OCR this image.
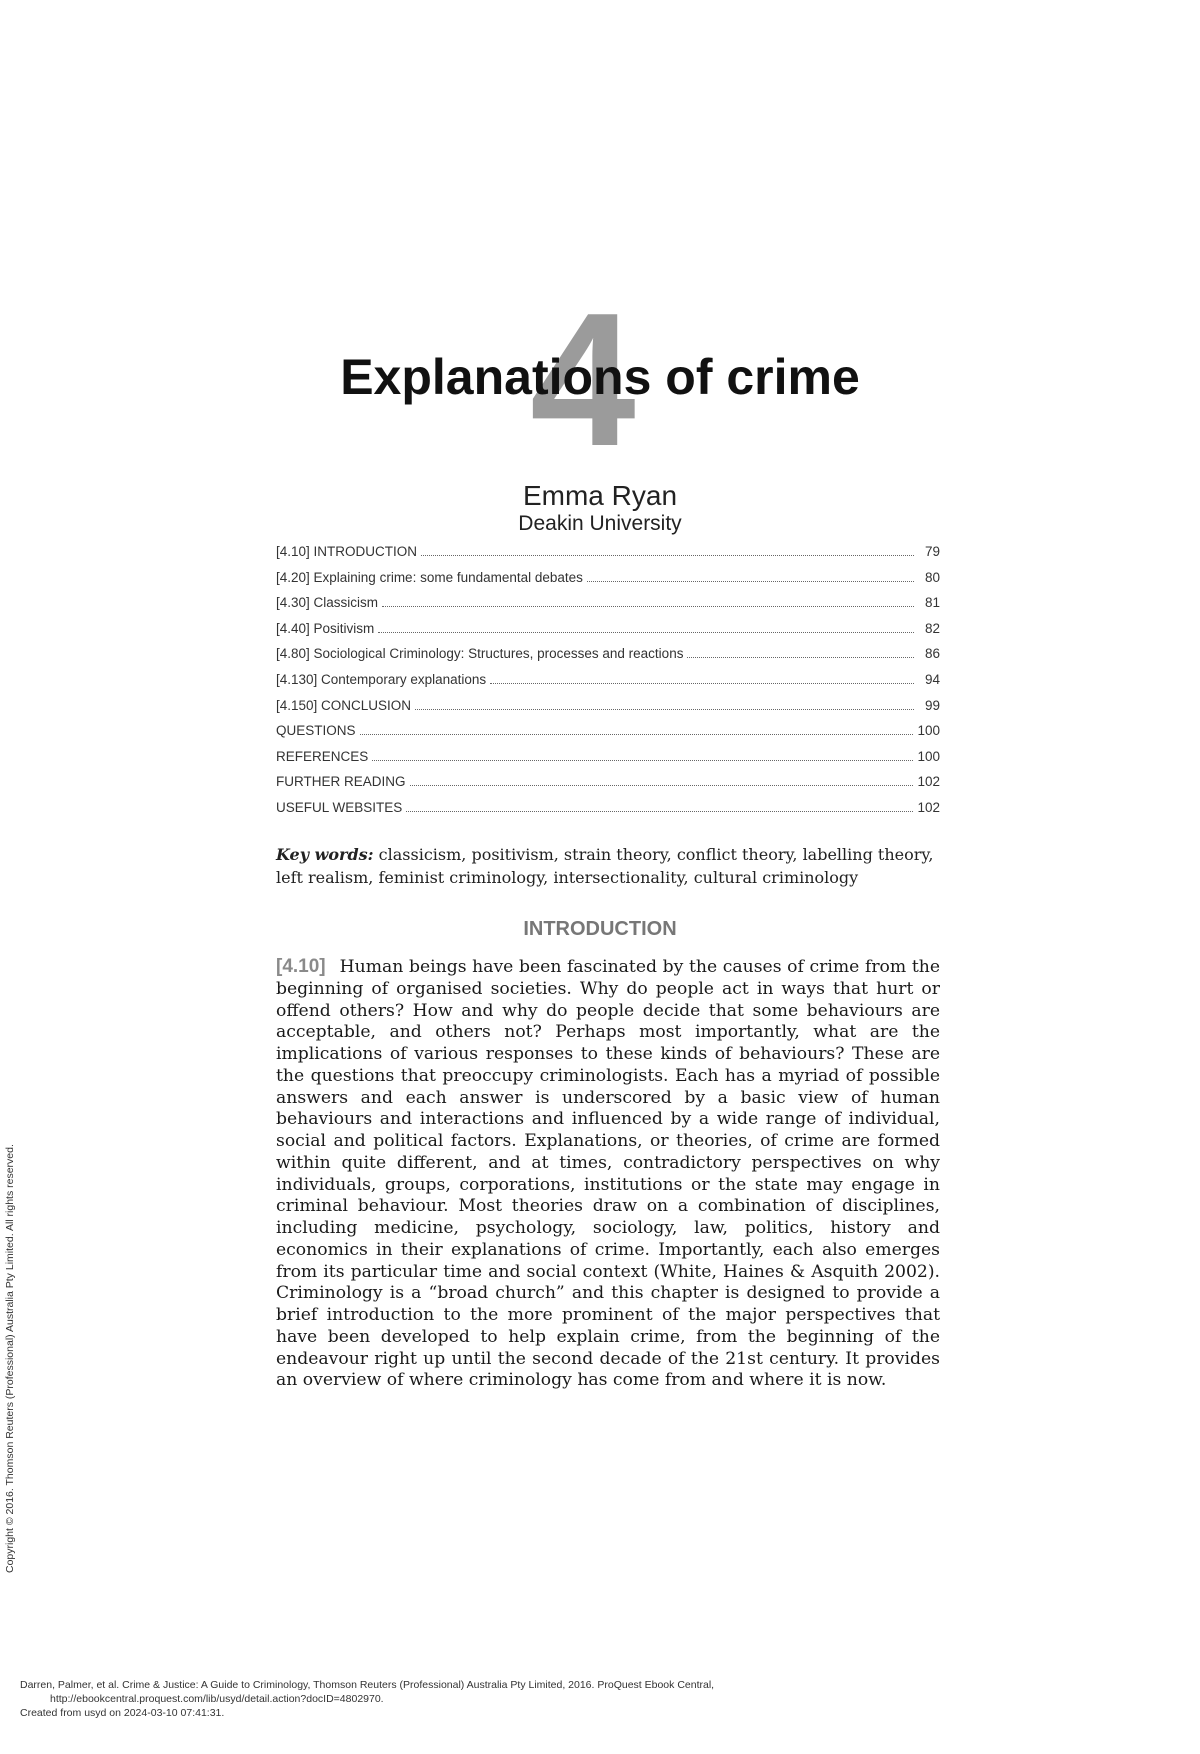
4
Explanations of crime
Emma Ryan
Deakin University
[4.10] INTRODUCTION	79
[4.20] Explaining crime: some fundamental debates	80
[4.30] Classicism	81
[4.40] Positivism	82
[4.80] Sociological Criminology: Structures, processes and reactions	86
[4.130] Contemporary explanations	94
[4.150] CONCLUSION	99
QUESTIONS	100
REFERENCES	100
FURTHER READING	102
USEFUL WEBSITES	102
Key words: classicism, positivism, strain theory, conflict theory, labelling theory, left realism, feminist criminology, intersectionality, cultural criminology
INTRODUCTION

[4.10] Human beings have been fascinated by the causes of crime from the beginning of organised societies. Why do people act in ways that hurt or offend others? How and why do people decide that some behaviours are acceptable, and others not? Perhaps most importantly, what are the implications of various responses to these kinds of behaviours? These are the questions that preoccupy criminologists. Each has a myriad of possible answers and each answer is underscored by a basic view of human behaviours and interactions and influenced by a wide range of individual, social and political factors. Explanations, or theories, of crime are formed within quite different, and at times, contradictory perspectives on why individuals, groups, corporations, institutions or the state may engage in criminal behaviour. Most theories draw on a combination of disciplines, including medicine, psychology, sociology, law, politics, history and economics in their explanations of crime. Importantly, each also emerges from its particular time and social context (White, Haines & Asquith 2002). Criminology is a “broad church” and this chapter is designed to provide a brief introduction to the more prominent of the major perspectives that have been developed to help explain crime, from the beginning of the endeavour right up until the second decade of the 21st century. It provides an overview of where criminology has come from and where it is now.

Copyright © 2016. Thomson Reuters (Professional) Australia Pty Limited. All rights reserved.
Darren, Palmer, et al. Crime & Justice: A Guide to Criminology, Thomson Reuters (Professional) Australia Pty Limited, 2016. ProQuest Ebook Central,
http://ebookcentral.proquest.com/lib/usyd/detail.action?docID=4802970.
Created from usyd on 2024-03-10 07:41:31.
